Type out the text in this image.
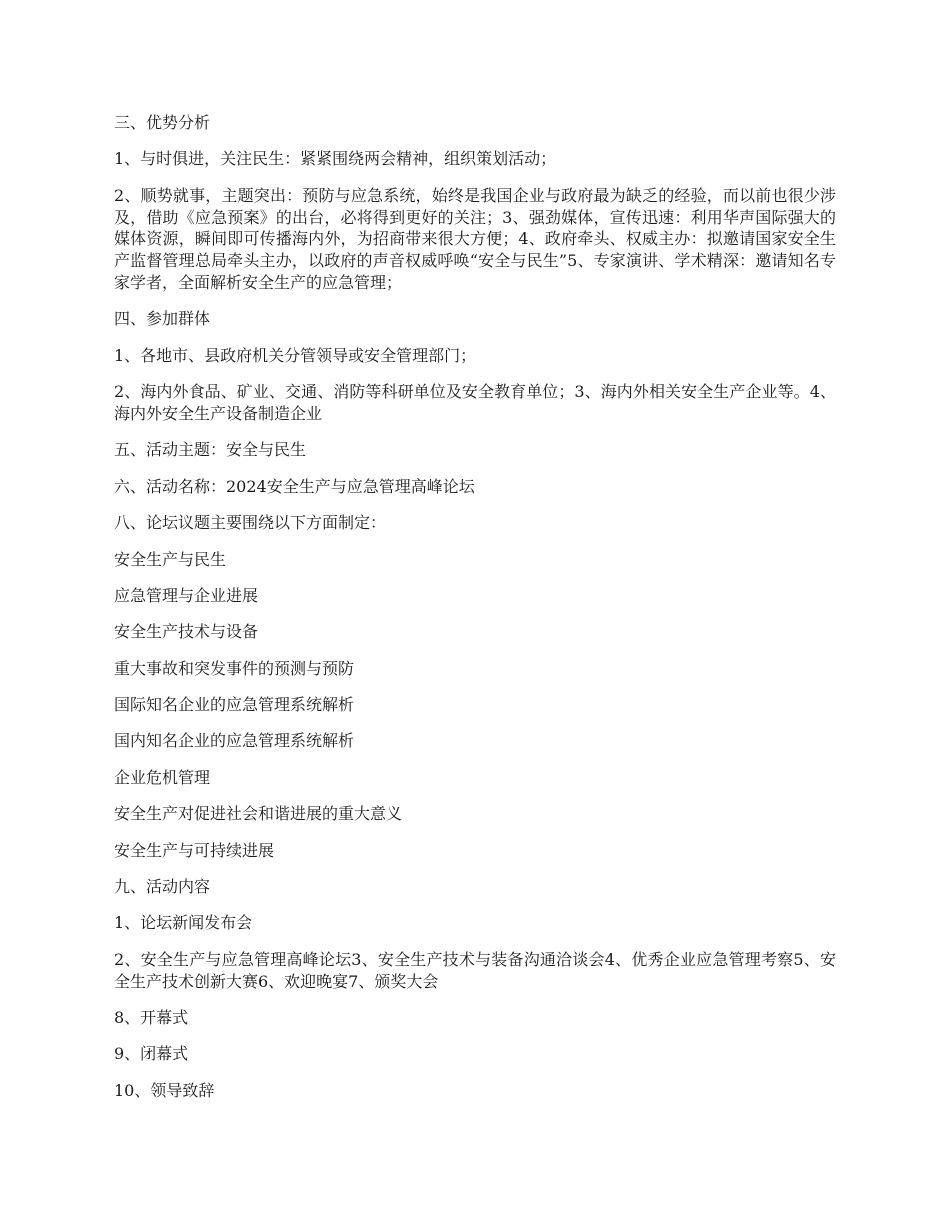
三、优势分析

1、与时俱进，关注民生：紧紧围绕两会精神，组织策划活动；

2、顺势就事，主题突出：预防与应急系统，始终是我国企业与政府最为缺乏的经验，而以前也很少涉及，借助《应急预案》的出台，必将得到更好的关注；3、强劲媒体，宣传迅速：利用华声国际强大的媒体资源，瞬间即可传播海内外，为招商带来很大方便；4、政府牵头、权威主办：拟邀请国家安全生产监督管理总局牵头主办，以政府的声音权威呼唤“安全与民生”5、专家演讲、学术精深：邀请知名专家学者，全面解析安全生产的应急管理；

四、参加群体

1、各地市、县政府机关分管领导或安全管理部门；

2、海内外食品、矿业、交通、消防等科研单位及安全教育单位；3、海内外相关安全生产企业等。4、海内外安全生产设备制造企业

五、活动主题：安全与民生

六、活动名称：2024安全生产与应急管理高峰论坛

八、论坛议题主要围绕以下方面制定：

安全生产与民生

应急管理与企业进展

安全生产技术与设备

重大事故和突发事件的预测与预防

国际知名企业的应急管理系统解析

国内知名企业的应急管理系统解析

企业危机管理

安全生产对促进社会和谐进展的重大意义

安全生产与可持续进展

九、活动内容

1、论坛新闻发布会

2、安全生产与应急管理高峰论坛3、安全生产技术与装备沟通洽谈会4、优秀企业应急管理考察5、安全生产技术创新大赛6、欢迎晚宴7、颁奖大会

8、开幕式

9、闭幕式

10、领导致辞
